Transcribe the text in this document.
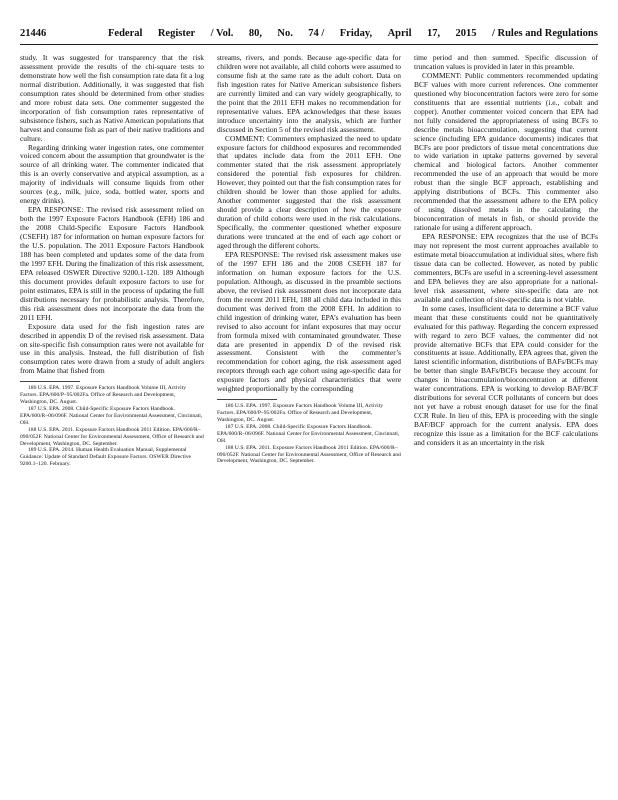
21446	Federal Register / Vol. 80, No. 74 / Friday, April 17, 2015 / Rules and Regulations

study. It was suggested for transparency that the risk assessment provide the results of the chi-square tests to demonstrate how well the fish consumption rate data fit a log normal distribution. Additionally, it was suggested that fish consumption rates should be determined from other studies and more robust data sets. One commenter suggested the incorporation of fish consumption rates representative of subsistence fishers, such as Native American populations that harvest and consume fish as part of their native traditions and culture.

Regarding drinking water ingestion rates, one commenter voiced concern about the assumption that groundwater is the source of all drinking water. The commenter indicated that this is an overly conservative and atypical assumption, as a majority of individuals will consume liquids from other sources (e.g., milk, juice, soda, bottled water, sports and energy drinks).

EPA RESPONSE: The revised risk assessment relied on both the 1997 Exposure Factors Handbook (EFH) 186 and the 2008 Child-Specific Exposure Factors Handbook (CSEFH) 187 for information on human exposure factors for the U.S. population. The 2011 Exposure Factors Handbook 188 has been completed and updates some of the data from the 1997 EFH. During the finalization of this risk assessment, EPA released OSWER Directive 9200.1-120. 189 Although this document provides default exposure factors to use for point estimates, EPA is still in the process of updating the full distributions necessary for probabilistic analysis. Therefore, this risk assessment does not incorporate the data from the 2011 EFH.

Exposure data used for the fish ingestion rates are described in appendix D of the revised risk assessment. Data on site-specific fish consumption rates were not available for use in this analysis. Instead, the full distribution of fish consumption rates were drawn from a study of adult anglers from Maine that fished from

186 U.S. EPA. 1997. Exposure Factors Handbook Volume III, Activity Factors. EPA/600/P–95/002Fa. Office of Research and Development, Washington, DC. August.

187 U.S. EPA. 2008. Child-Specific Exposure Factors Handbook. EPA/600/R–06/096F. National Center for Environmental Assessment, Cincinnati, OH.

188 U.S. EPA. 2011. Exposure Factors Handbook 2011 Edition. EPA/600/R–090/052F. National Center for Environmental Assessment, Office of Research and Development, Washington, DC. September.

189 U.S. EPA. 2014. Human Health Evaluation Manual, Supplemental Guidance: Update of Standard Default Exposure Factors. OSWER Directive 9200.1–120. February.

streams, rivers, and ponds. Because age-specific data for children were not available, all child cohorts were assumed to consume fish at the same rate as the adult cohort. Data on fish ingestion rates for Native American subsistence fishers are currently limited and can vary widely geographically, to the point that the 2011 EFH makes no recommendation for representative values. EPA acknowledges that these issues introduce uncertainty into the analysis, which are further discussed in Section 5 of the revised risk assessment.

COMMENT: Commenters emphasized the need to update exposure factors for childhood exposures and recommended that updates include data from the 2011 EFH. One commenter stated that the risk assessment appropriately considered the potential fish exposures for children. However, they pointed out that the fish consumption rates for children should be lower than those applied for adults. Another commenter suggested that the risk assessment should provide a clear description of how the exposure duration of child cohorts were used in the risk calculations. Specifically, the commenter questioned whether exposure durations were truncated at the end of each age cohort or aged through the different cohorts.

EPA RESPONSE: The revised risk assessment makes use of the 1997 EFH 186 and the 2008 CSEFH 187 for information on human exposure factors for the U.S. population. Although, as discussed in the preamble sections above, the revised risk assessment does not incorporate data from the recent 2011 EFH, 188 all child data included in this document was derived from the 2008 EFH. In addition to child ingestion of drinking water, EPA’s evaluation has been revised to also account for infant exposures that may occur from formula mixed with contaminated groundwater. These data are presented in appendix D of the revised risk assessment. Consistent with the commenter’s recommendation for cohort aging, the risk assessment aged receptors through each age cohort using age-specific data for exposure factors and physical characteristics that were weighted proportionally by the corresponding

186 U.S. EPA. 1997. Exposure Factors Handbook Volume III, Activity Factors. EPA/600/P–95/002Fa. Office of Research and Development, Washington, DC. August.

187 U.S. EPA. 2008. Child-Specific Exposure Factors Handbook. EPA/600/R–06/096F. National Center for Environmental Assessment, Cincinnati, OH.

188 U.S. EPA. 2011. Exposure Factors Handbook 2011 Edition. EPA/600/R–090/052F. National Center for Environmental Assessment, Office of Research and Development, Washington, DC. September.

time period and then summed. Specific discussion of truncation values is provided in later in this preamble.

COMMENT: Public commenters recommended updating BCF values with more current references. One commenter questioned why bioconcentration factors were zero for some constituents that are essential nutrients (i.e., cobalt and copper). Another commenter voiced concern that EPA had not fully considered the appropriateness of using BCFs to describe metals bioaccumulation, suggesting that current science (including EPA guidance documents) indicates that BCFs are poor predictors of tissue metal concentrations due to wide variation in uptake patterns governed by several chemical and biological factors. Another commenter recommended the use of an approach that would be more robust than the single BCF approach, establishing and applying distributions of BCFs. This commenter also recommended that the assessment adhere to the EPA policy of using dissolved metals in the calculating the bioconcentration of metals in fish, or should provide the rationale for using a different approach.

EPA RESPONSE: EPA recognizes that the use of BCFs may not represent the most current approaches available to estimate metal bioaccumulation at individual sites, where fish tissue data can be collected. However, as noted by public commenters, BCFs are useful in a screening-level assessment and EPA believes they are also appropriate for a national-level risk assessment, where site-specific data are not available and collection of site-specific data is not viable.

In some cases, insufficient data to determine a BCF value meant that these constituents could not be quantitatively evaluated for this pathway. Regarding the concern expressed with regard to zero BCF values, the commenter did not provide alternative BCFs that EPA could consider for the constituents at issue. Additionally, EPA agrees that, given the latest scientific information, distributions of BAFs/BCFs may be better than single BAFs/BCFs because they account for changes in bioaccumulation/bioconcentration at different water concentrations. EPA is working to develop BAF/BCF distributions for several CCR pollutants of concern but does not yet have a robust enough dataset for use for the final CCR Rule. In lieu of this, EPA is proceeding with the single BAF/BCF approach for the current analysis. EPA does recognize this issue as a limitation for the BCF calculations and considers it as an uncertainty in the risk
